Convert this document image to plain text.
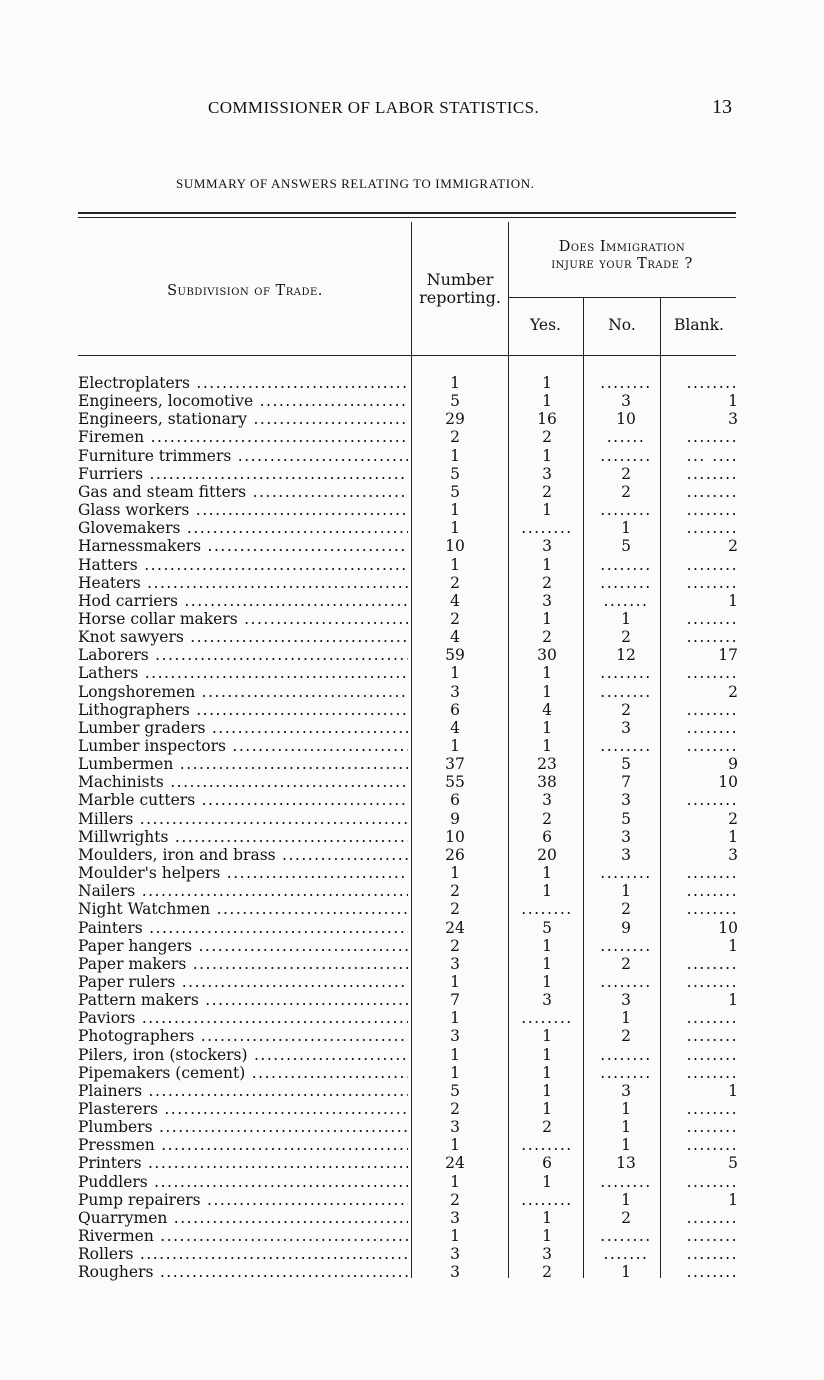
COMMISSIONER OF LABOR STATISTICS.	13
SUMMARY OF ANSWERS RELATING TO IMMIGRATION.
Subdivision of Trade.
Number
reporting.
Does Immigration
injure your Trade ?
Yes.	No.	Blank.
Electroplaters .....	1	1	........	........
Engineers, locomotive .....	5	1	3	1
Engineers, stationary .....	29	16	10	3
Firemen .....	2	2	......	........
Furniture trimmers .....	1	1	........	... ....
Furriers .....	5	3	2	........
Gas and steam fitters .....	5	2	2	........
Glass workers .....	1	1	........	........
Glovemakers .....	1	........	1	........
Harnessmakers .....	10	3	5	2
Hatters .....	1	1	........	........
Heaters .....	2	2	........	........
Hod carriers .....	4	3	.......	1
Horse collar makers .....	2	1	1	........
Knot sawyers .....	4	2	2	........
Laborers .....	59	30	12	17
Lathers .....	1	1	........	........
Longshoremen .....	3	1	........	2
Lithographers .....	6	4	2	........
Lumber graders .....	4	1	3	........
Lumber inspectors .....	1	1	........	........
Lumbermen .....	37	23	5	9
Machinists .....	55	38	7	10
Marble cutters .....	6	3	3	........
Millers .....	9	2	5	2
Millwrights .....	10	6	3	1
Moulders, iron and brass .....	26	20	3	3
Moulder's helpers .....	1	1	........	........
Nailers .....	2	1	1	........
Night Watchmen .....	2	........	2	........
Painters .....	24	5	9	10
Paper hangers .....	2	1	........	1
Paper makers .....	3	1	2	........
Paper rulers .....	1	1	........	........
Pattern makers .....	7	3	3	1
Paviors .....	1	........	1	........
Photographers .....	3	1	2	........
Pilers, iron (stockers) .....	1	1	........	........
Pipemakers (cement) .....	1	1	........	........
Plainers .....	5	1	3	1
Plasterers .....	2	1	1	........
Plumbers .....	3	2	1	........
Pressmen .....	1	........	1	........
Printers .....	24	6	13	5
Puddlers .....	1	1	........	........
Pump repairers .....	2	........	1	1
Quarrymen .....	3	1	2	........
Rivermen .....	1	1	........	........
Rollers .....	3	3	.......	........
Roughers .....	3	2	1	........
